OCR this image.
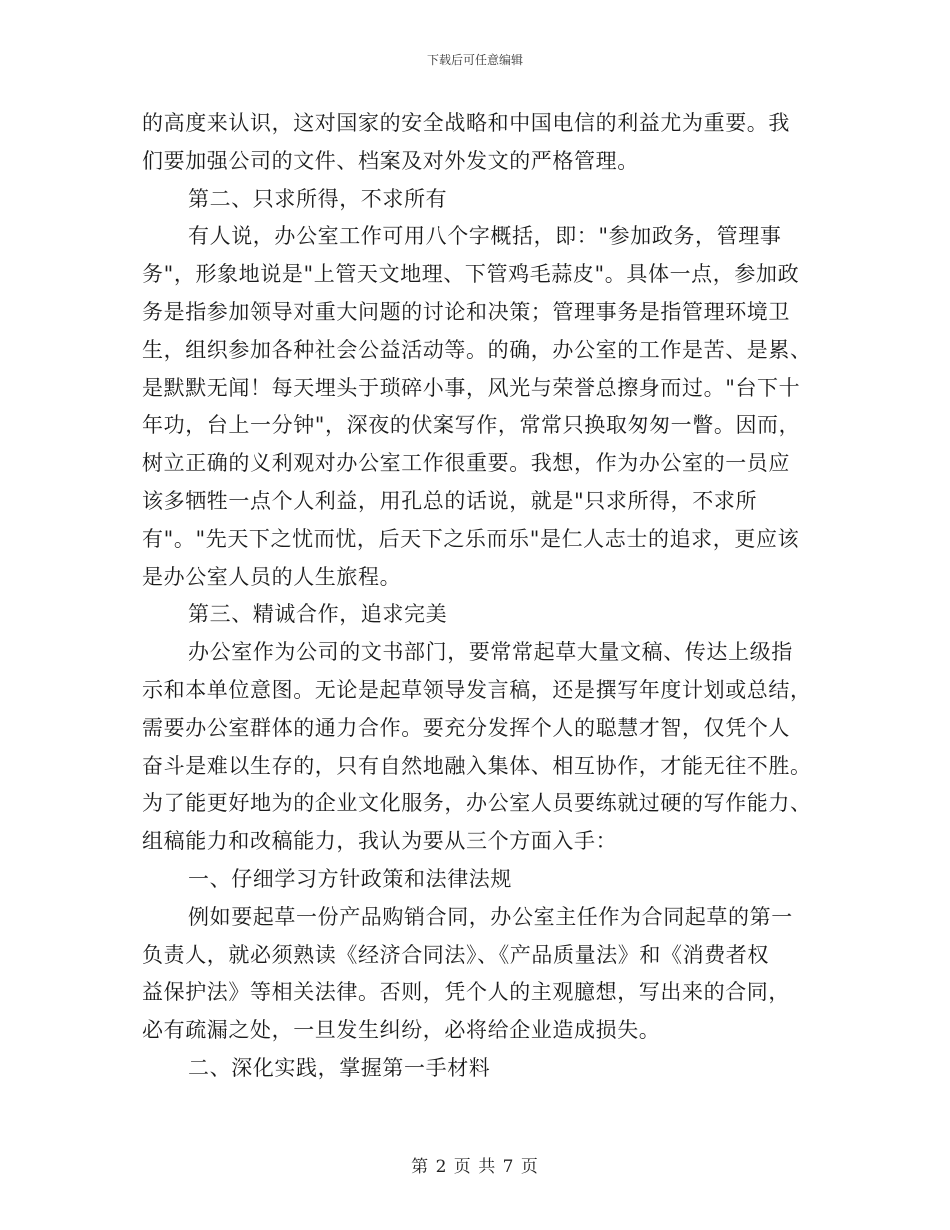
下载后可任意编辑
的高度来认识，这对国家的安全战略和中国电信的利益尤为重要。我
们要加强公司的文件、档案及对外发文的严格管理。
第二、只求所得，不求所有
有人说，办公室工作可用八个字概括，即："参加政务，管理事
务"，形象地说是"上管天文地理、下管鸡毛蒜皮"。具体一点，参加政
务是指参加领导对重大问题的讨论和决策；管理事务是指管理环境卫
生，组织参加各种社会公益活动等。的确，办公室的工作是苦、是累、
是默默无闻！每天埋头于琐碎小事，风光与荣誉总擦身而过。"台下十
年功，台上一分钟"，深夜的伏案写作，常常只换取匆匆一瞥。因而，
树立正确的义利观对办公室工作很重要。我想，作为办公室的一员应
该多牺牲一点个人利益，用孔总的话说，就是"只求所得，不求所
有"。"先天下之忧而忧，后天下之乐而乐"是仁人志士的追求，更应该
是办公室人员的人生旅程。
第三、精诚合作，追求完美
办公室作为公司的文书部门，要常常起草大量文稿、传达上级指
示和本单位意图。无论是起草领导发言稿，还是撰写年度计划或总结，
需要办公室群体的通力合作。要充分发挥个人的聪慧才智，仅凭个人
奋斗是难以生存的，只有自然地融入集体、相互协作，才能无往不胜。
为了能更好地为的企业文化服务，办公室人员要练就过硬的写作能力、
组稿能力和改稿能力，我认为要从三个方面入手：
一、仔细学习方针政策和法律法规
例如要起草一份产品购销合同，办公室主任作为合同起草的第一
负责人，就必须熟读《经济合同法》、《产品质量法》和《消费者权
益保护法》等相关法律。否则，凭个人的主观臆想，写出来的合同，
必有疏漏之处，一旦发生纠纷，必将给企业造成损失。
二、深化实践，掌握第一手材料
第 2 页 共 7 页
